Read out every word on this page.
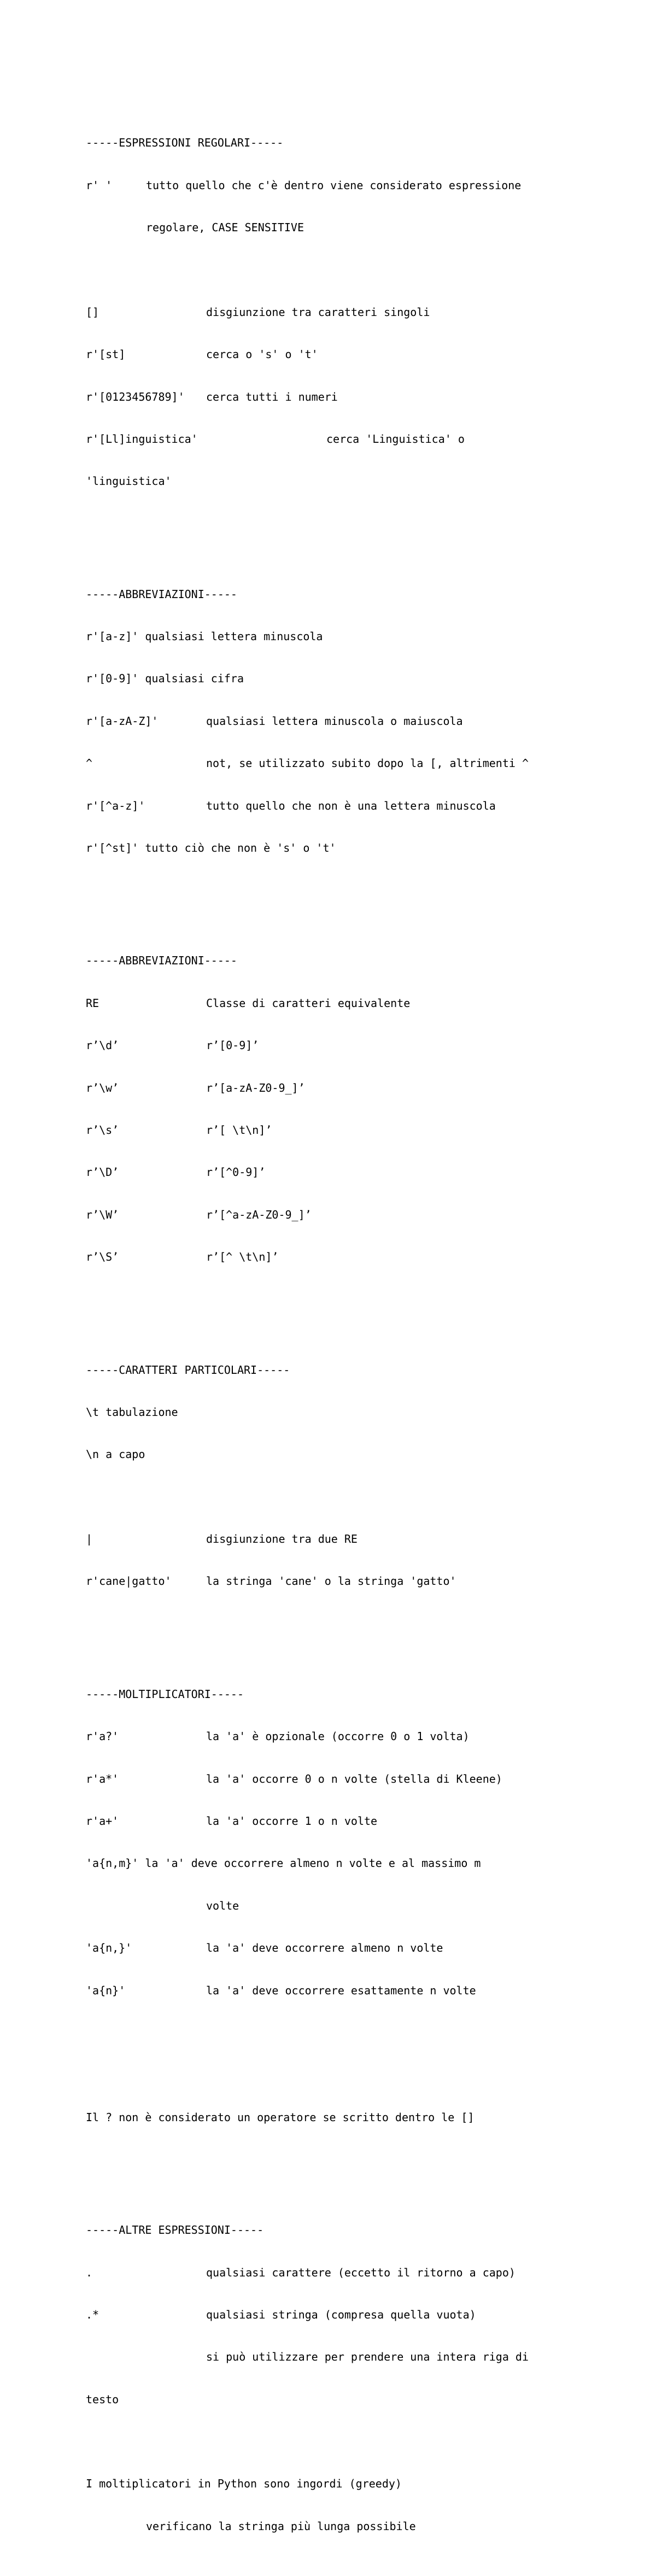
-----ESPRESSIONI REGOLARI-----

r' '	tutto quello che c'è dentro viene considerato espressione

regolare, CASE SENSITIVE

[]	disgiunzione tra caratteri singoli

r'[st]	cerca o 's' o 't'

r'[0123456789]' cerca tutti i numeri

r'[Ll]inguistica'	cerca 'Linguistica' o

'linguistica'

-----ABBREVIAZIONI-----

r'[a-z]' qualsiasi lettera minuscola

r'[0-9]' qualsiasi cifra

r'[a-zA-Z]'	qualsiasi lettera minuscola o maiuscola

^	not, se utilizzato subito dopo la [, altrimenti ^

r'[^a-z]'	tutto quello che non è una lettera minuscola

r'[^st]' tutto ciò che non è 's' o 't'

-----ABBREVIAZIONI-----

RE	Classe di caratteri equivalente

r’\d’	r’[0-9]’

r’\w’	r’[a-zA-Z0-9_]’

r’\s’	r’[ \t\n]’

r’\D’	r’[^0-9]’

r’\W’	r’[^a-zA-Z0-9_]’

r’\S’	r’[^ \t\n]’

-----CARATTERI PARTICOLARI-----

\t tabulazione

\n a capo

|	disgiunzione tra due RE

r'cane|gatto'	la stringa 'cane' o la stringa 'gatto'

-----MOLTIPLICATORI-----

r'a?'	la 'a' è opzionale (occorre 0 o 1 volta)

r'a*'	la 'a' occorre 0 o n volte (stella di Kleene)

r'a+'	la 'a' occorre 1 o n volte

'a{n,m}' la 'a' deve occorrere almeno n volte e al massimo m

volte

'a{n,}'	la 'a' deve occorrere almeno n volte

'a{n}'	la 'a' deve occorrere esattamente n volte

Il ? non è considerato un operatore se scritto dentro le []

-----ALTRE ESPRESSIONI-----

.	qualsiasi carattere (eccetto il ritorno a capo)

.*	qualsiasi stringa (compresa quella vuota)

si può utilizzare per prendere una intera riga di

testo

I moltiplicatori in Python sono ingordi (greedy)

verificano la stringa più lunga possibile
